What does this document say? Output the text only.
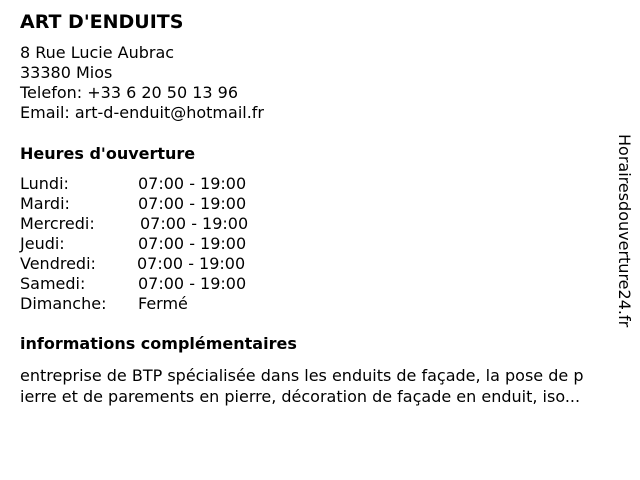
ART D'ENDUITS
8 Rue Lucie Aubrac
33380 Mios
Telefon: +33 6 20 50 13 96
Email: art-d-enduit@hotmail.fr
Heures d'ouverture
Lundi:	07:00 - 19:00
Mardi:	07:00 - 19:00
Mercredi:	07:00 - 19:00
Jeudi:	07:00 - 19:00
Vendredi:	07:00 - 19:00
Samedi:	07:00 - 19:00
Dimanche: Fermé
informations complémentaires
entreprise de BTP spécialisée dans les enduits de façade, la pose de p
ierre et de parements en pierre, décoration de façade en enduit, iso...
Horairesdouverture24.fr
